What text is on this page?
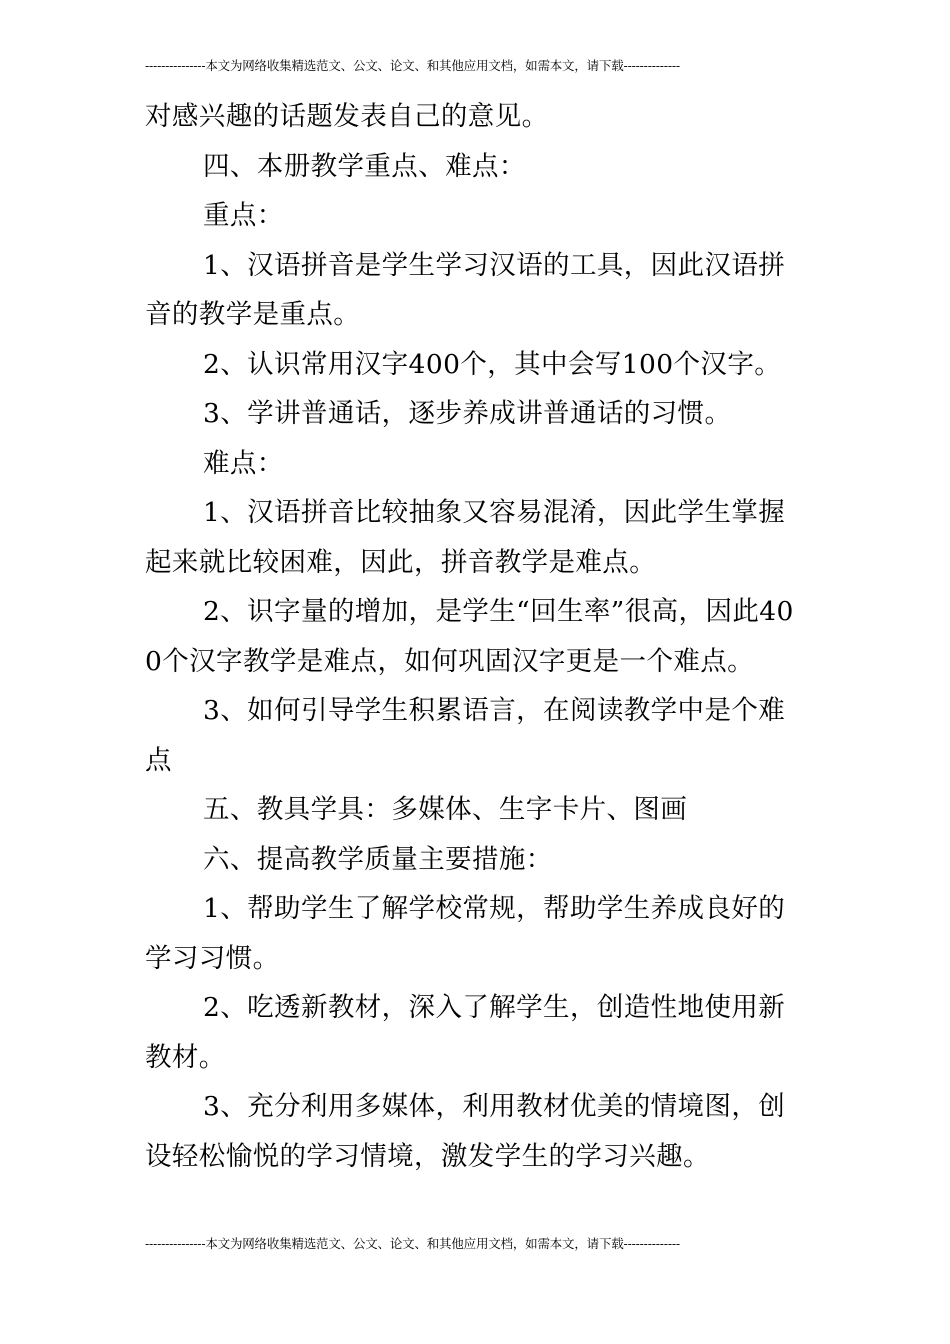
---------------本文为网络收集精选范文、公文、论文、和其他应用文档，如需本文，请下载--------------

对感兴趣的话题发表自己的意见。

四、本册教学重点、难点：

重点：

1、汉语拼音是学生学习汉语的工具，因此汉语拼音的教学是重点。

2、认识常用汉字400个，其中会写100个汉字。

3、学讲普通话，逐步养成讲普通话的习惯。

难点：

1、汉语拼音比较抽象又容易混淆，因此学生掌握起来就比较困难，因此，拼音教学是难点。

2、识字量的增加，是学生“回生率”很高，因此400个汉字教学是难点，如何巩固汉字更是一个难点。

3、如何引导学生积累语言，在阅读教学中是个难点

五、教具学具：多媒体、生字卡片、图画

六、提高教学质量主要措施：

1、帮助学生了解学校常规，帮助学生养成良好的学习习惯。

2、吃透新教材，深入了解学生，创造性地使用新教材。

3、充分利用多媒体，利用教材优美的情境图，创设轻松愉悦的学习情境，激发学生的学习兴趣。

---------------本文为网络收集精选范文、公文、论文、和其他应用文档，如需本文，请下载--------------
